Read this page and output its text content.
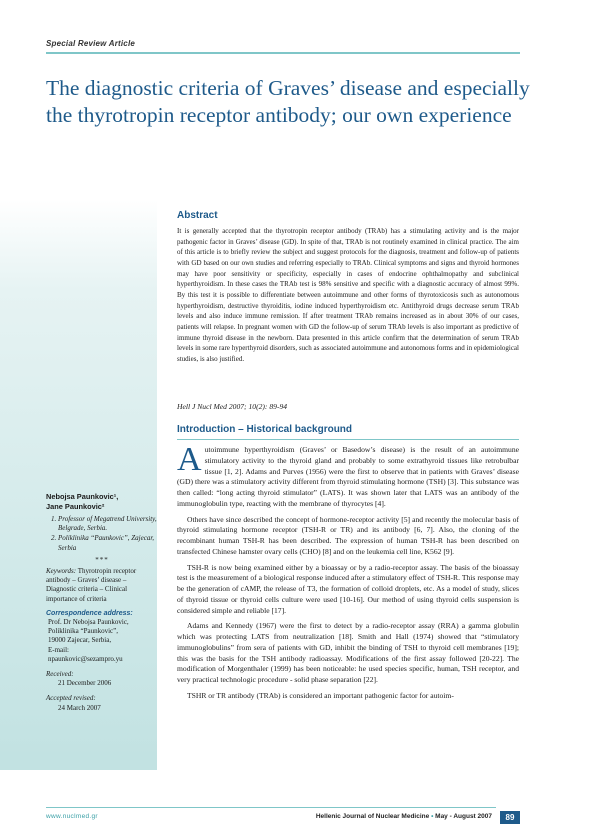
Special Review Article
The diagnostic criteria of Graves’ disease and especially the thyrotropin receptor antibody; our own experience
Nebojsa Paunkovic¹,
Jane Paunkovic²
1. Professor of Megatrend University, Belgrade, Serbia.
2. Poliklinika “Paunkovic”, Zajecar, Serbia
***
Keywords: Thyrotropin receptor antibody – Graves’ disease – Diagnostic criteria – Clinical importance of criteria
Correspondence address:
Prof. Dr Nebojsa Paunkovic,
Poliklinika “Paunkovic”,
19000 Zajecar, Serbia,
E-mail:
npaunkovic@sezampro.yu
Received:
21 December 2006
Accepted revised:
24 March 2007
Abstract

It is generally accepted that the thyrotropin receptor antibody (TRAb) has a stimulating activity and is the major pathogenic factor in Graves’ disease (GD). In spite of that, TRAb is not routinely examined in clinical practice. The aim of this article is to briefly review the subject and suggest protocols for the diagnosis, treatment and follow-up of patients with GD based on our own studies and referring especially to TRAb. Clinical symptoms and signs and thyroid hormones may have poor sensitivity or specificity, especially in cases of endocrine ophthalmopathy and subclinical hyperthyroidism. In these cases the TRAb test is 98% sensitive and specific with a diagnostic accuracy of almost 99%. By this test it is possible to differentiate between autoimmune and other forms of thyrotoxicosis such as autonomous hyperthyroidism, destructive thyroiditis, iodine induced hyperthyroidism etc. Antithyroid drugs decrease serum TRAb levels and also induce immune remission. If after treatment TRAb remains increased as in about 30% of our cases, patients will relapse. In pregnant women with GD the follow-up of serum TRAb levels is also important as predictive of immune thyroid disease in the newborn. Data presented in this article confirm that the determination of serum TRAb levels in some rare hyperthyroid disorders, such as associated autoimmune and autonomous forms and in epidemiological studies, is also justified.

Hell J Nucl Med 2007; 10(2): 89-94

Introduction – Historical background

Autoimmune hyperthyroidism (Graves’ or Basedow’s disease) is the result of an autoimmune stimulatory activity to the thyroid gland and probably to some extrathyroid tissues like retrobulbar tissue [1, 2]. Adams and Purves (1956) were the first to observe that in patients with Graves’ disease (GD) there was a stimulatory activity different from thyroid stimulating hormone (TSH) [3]. This substance was then called: “long acting thyroid stimulator” (LATS). It was shown later that LATS was an antibody of the immunoglobulin type, reacting with the membrane of thyrocytes [4].

Others have since described the concept of hormone-receptor activity [5] and recently the molecular basis of thyroid stimulating hormone receptor (TSH-R or TR) and its antibody [6, 7]. Also, the cloning of the recombinant human TSH-R has been described. The expression of human TSH-R has been described on transfected Chinese hamster ovary cells (CHO) [8] and on the leukemia cell line, K562 [9].

TSH-R is now being examined either by a bioassay or by a radio-receptor assay. The basis of the bioassay test is the measurement of a biological response induced after a stimulatory effect of TSH-R. This response may be the generation of cAMP, the release of T3, the formation of colloid droplets, etc. As a model of study, slices of thyroid tissue or thyroid cells culture were used [10-16]. Our method of using thyroid cells suspension is considered simple and reliable [17].

Adams and Kennedy (1967) were the first to detect by a radio-receptor assay (RRA) a gamma globulin which was protecting LATS from neutralization [18]. Smith and Hall (1974) showed that “stimulatory immunoglobulins” from sera of patients with GD, inhibit the binding of TSH to thyroid cell membranes [19]; this was the basis for the TSH antibody radioassay. Modifications of the first assay followed [20-22]. The modification of Morgenthaler (1999) has been noticeable: he used species specific, human, TSH receptor, and very practical technologic procedure - solid phase separation [22].

TSHR or TR antibody (TRAb) is considered an important pathogenic factor for autoim-

www.nuclmed.gr	Hellenic Journal of Nuclear Medicine • May - August 2007	89
